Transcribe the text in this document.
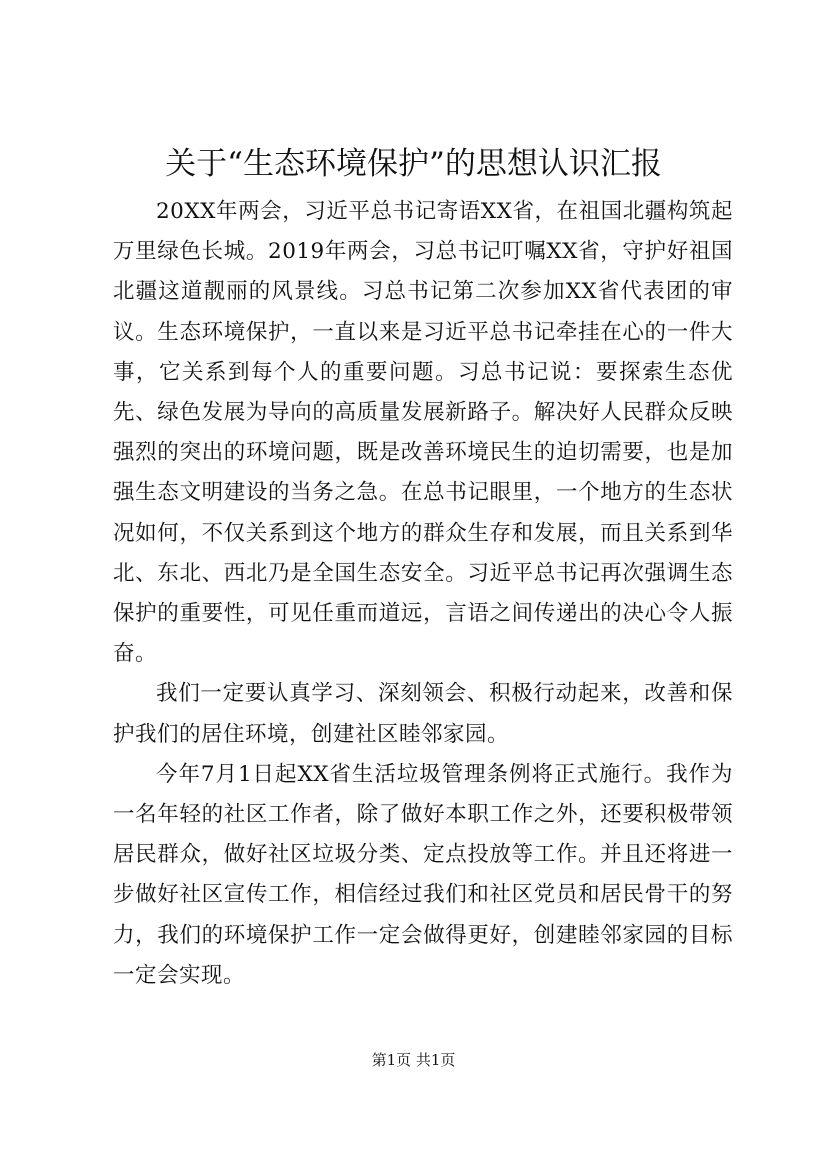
关于“生态环境保护”的思想认识汇报

20XX年两会，习近平总书记寄语XX省，在祖国北疆构筑起万里绿色长城。2019年两会，习总书记叮嘱XX省，守护好祖国北疆这道靓丽的风景线。习总书记第二次参加XX省代表团的审议。生态环境保护，一直以来是习近平总书记牵挂在心的一件大事，它关系到每个人的重要问题。习总书记说：要探索生态优先、绿色发展为导向的高质量发展新路子。解决好人民群众反映强烈的突出的环境问题，既是改善环境民生的迫切需要，也是加强生态文明建设的当务之急。在总书记眼里，一个地方的生态状况如何，不仅关系到这个地方的群众生存和发展，而且关系到华北、东北、西北乃是全国生态安全。习近平总书记再次强调生态保护的重要性，可见任重而道远，言语之间传递出的决心令人振奋。

我们一定要认真学习、深刻领会、积极行动起来，改善和保护我们的居住环境，创建社区睦邻家园。

今年7月1日起XX省生活垃圾管理条例将正式施行。我作为一名年轻的社区工作者，除了做好本职工作之外，还要积极带领居民群众，做好社区垃圾分类、定点投放等工作。并且还将进一步做好社区宣传工作，相信经过我们和社区党员和居民骨干的努力，我们的环境保护工作一定会做得更好，创建睦邻家园的目标一定会实现。

第1页 共1页
